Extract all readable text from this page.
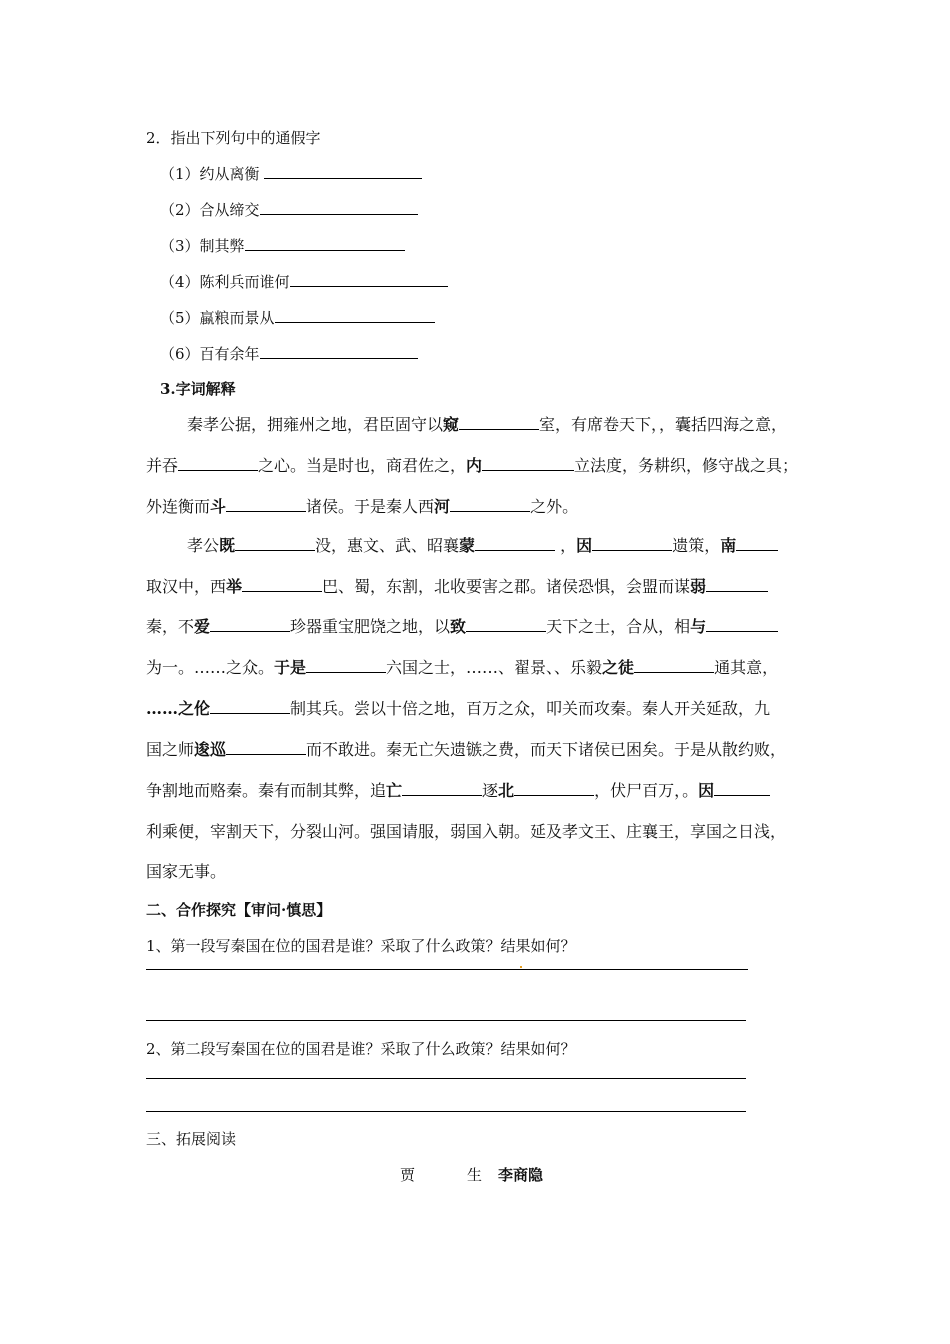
2．指出下列句中的通假字
（1）约从离衡
（2）合从缔交
（3）制其弊
（4）陈利兵而谁何
（5）蠃粮而景从
（6）百有余年
3.字词解释
秦孝公据，拥雍州之地，君臣固守以窥	室，有席卷天下，，囊括四海之意，
并吞	之心。当是时也，商君佐之，内	立法度，务耕织，修守战之具；
外连衡而斗	诸侯。于是秦人西河	之外。
孝公既	没，惠文、武、昭襄蒙	，因	遗策，南
取汉中，西举	巴、蜀，东割，北收要害之郡。诸侯恐惧，会盟而谋弱
秦，不爱	珍器重宝肥饶之地，以致	天下之士，合从，相与
为一。……之众。于是	六国之士，……、翟景、、乐毅之徒	通其意，
……之伦	制其兵。尝以十倍之地，百万之众，叩关而攻秦。秦人开关延敌，九
国之师逡巡	而不敢进。秦无亡矢遗镞之费，而天下诸侯已困矣。于是从散约败，
争割地而赂秦。秦有而制其弊，追亡	逐北	，伏尸百万，。因
利乘便，宰割天下，分裂山河。强国请服，弱国入朝。延及孝文王、庄襄王，享国之日浅，
国家无事。
二、合作探究【审问·慎思】
1、第一段写秦国在位的国君是谁？采取了什么政策？结果如何？
2、第二段写秦国在位的国君是谁？采取了什么政策？结果如何？
三、拓展阅读
贾	生 李商隐
